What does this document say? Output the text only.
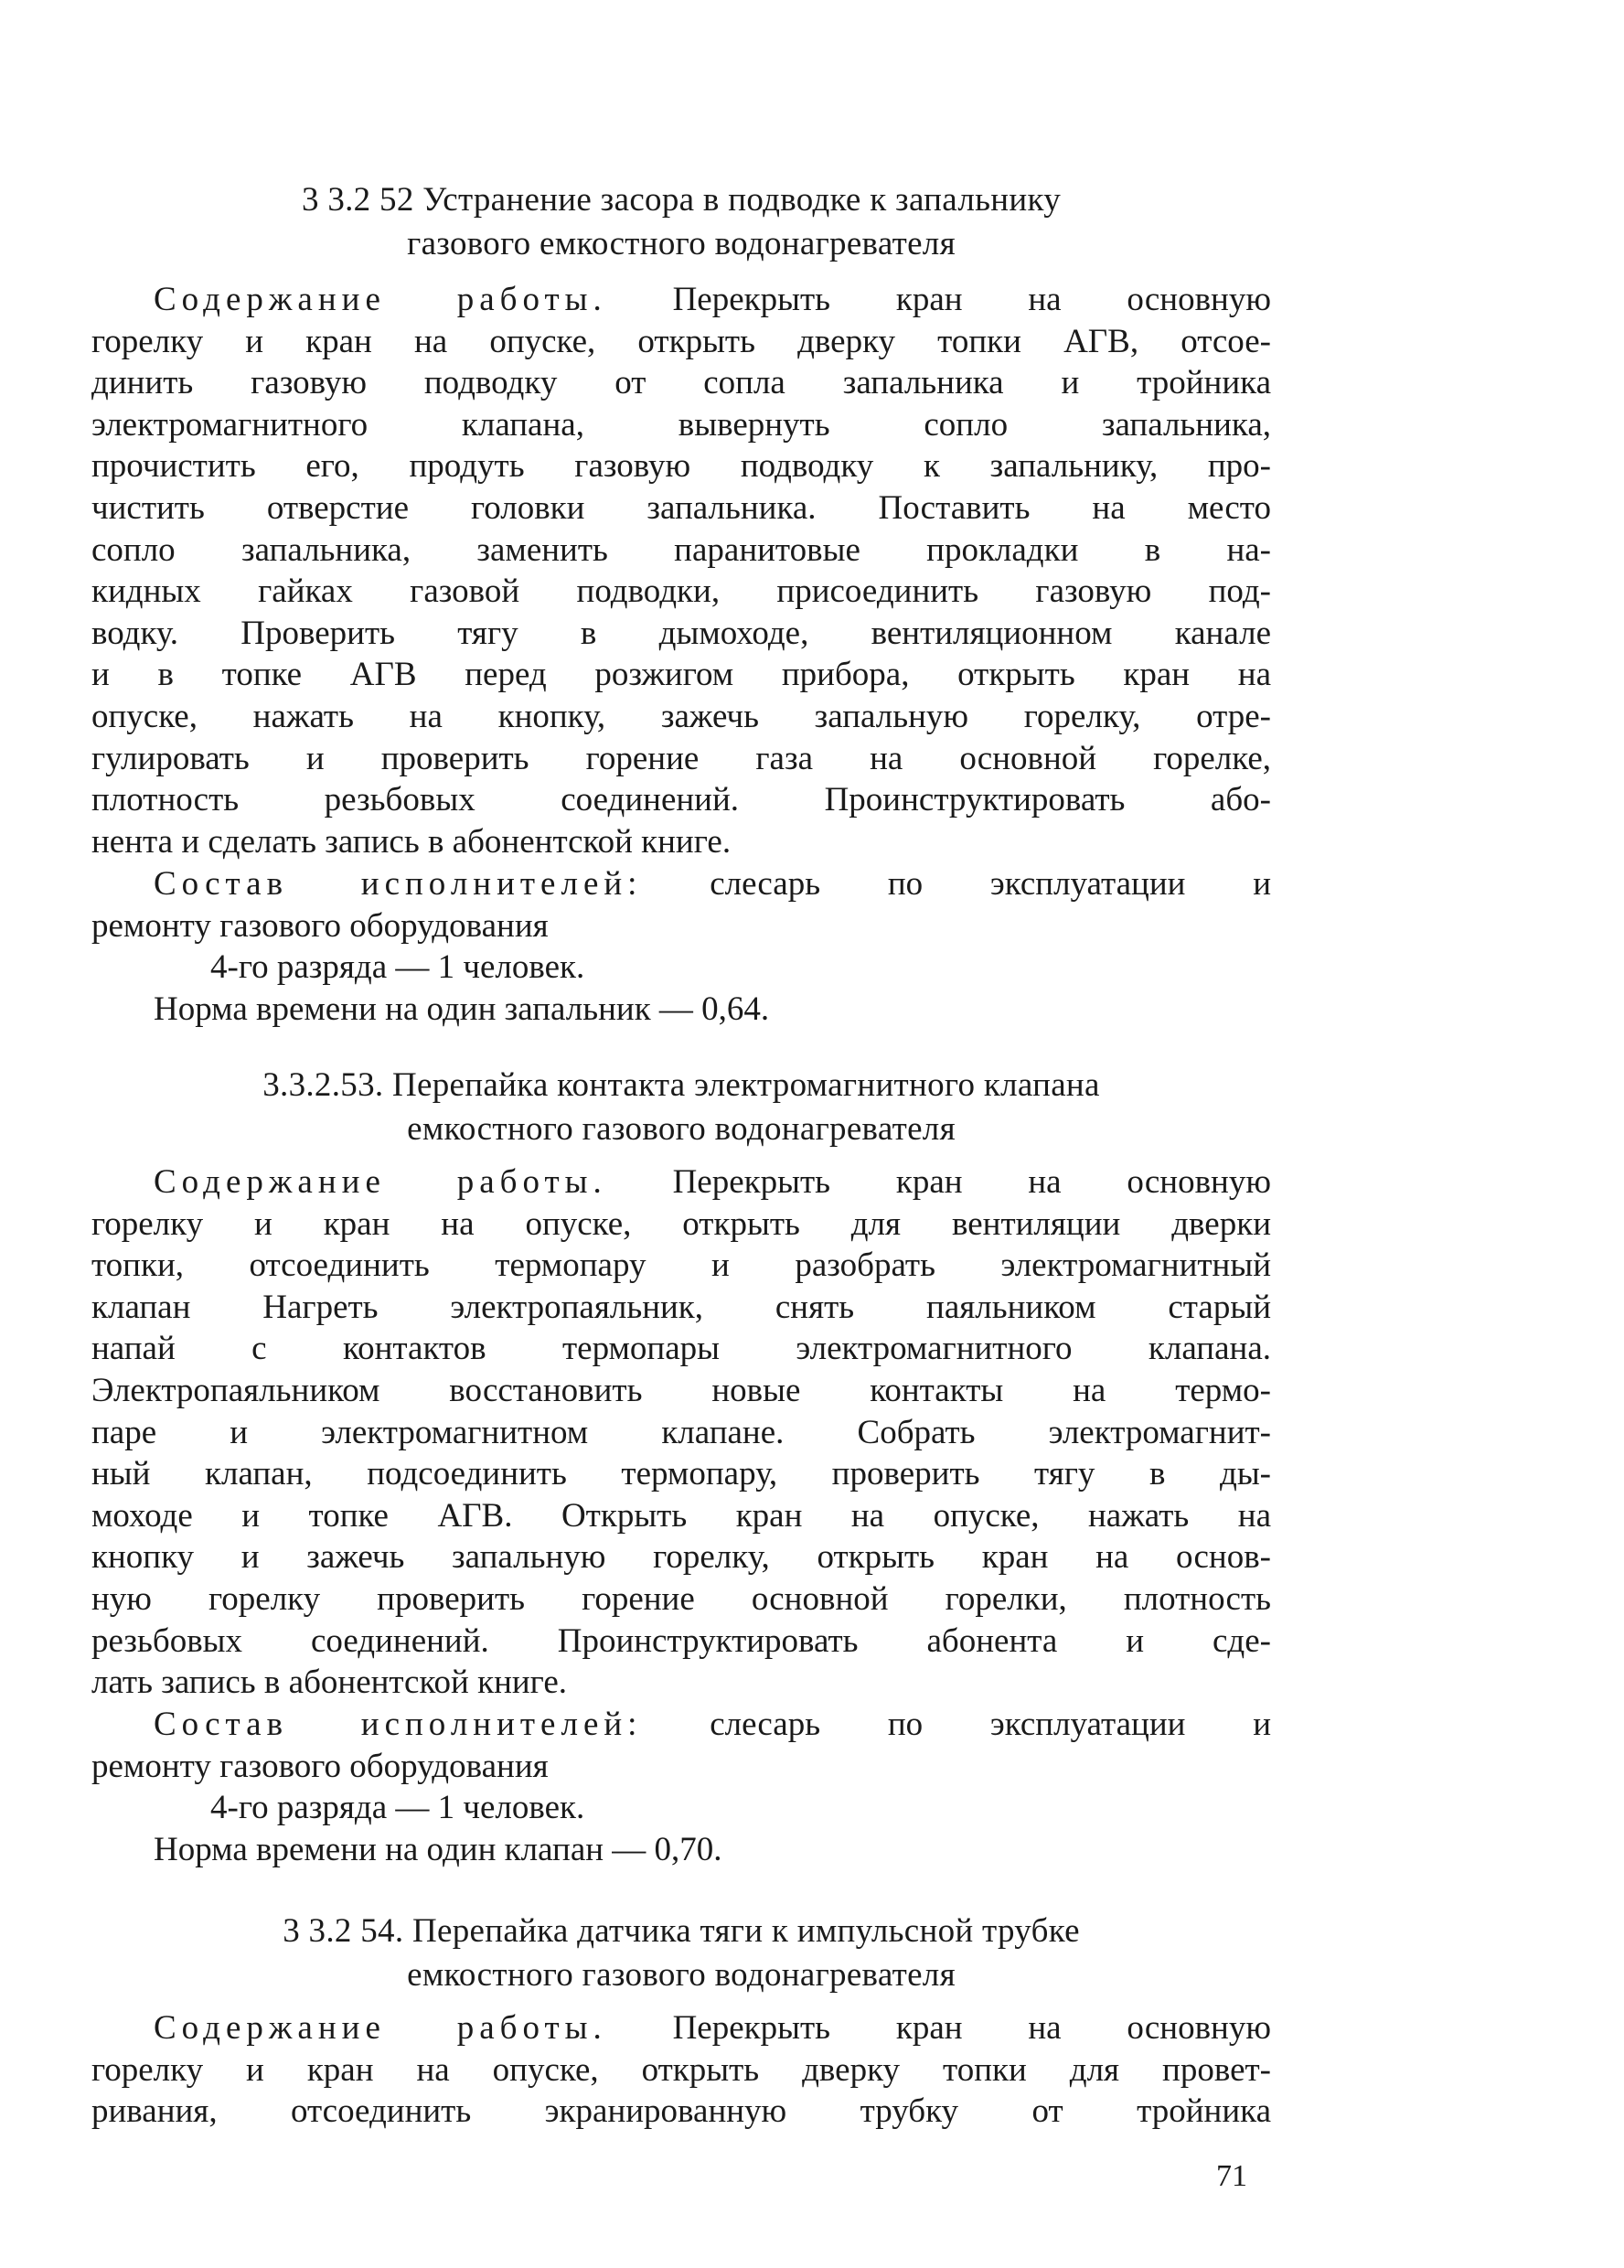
3 3.2 52 Устранение засора в подводке к запальнику
газового емкостного водонагревателя
Содержание работы. Перекрыть кран на основную
горелку и кран на опуске, открыть дверку топки АГВ, отсое-
динить газовую подводку от сопла запальника и тройника
электромагнитного клапана, вывернуть сопло запальника,
прочистить его, продуть газовую подводку к запальнику, про-
чистить отверстие головки запальника. Поставить на место
сопло запальника, заменить паранитовые прокладки в на-
кидных гайках газовой подводки, присоединить газовую под-
водку. Проверить тягу в дымоходе, вентиляционном канале
и в топке АГВ перед розжигом прибора, открыть кран на
опуске, нажать на кнопку, зажечь запальную горелку, отре-
гулировать и проверить горение газа на основной горелке,
плотность резьбовых соединений. Проинструктировать або-
нента и сделать запись в абонентской книге.
Состав исполнителей: слесарь по эксплуатации и
ремонту газового оборудования
4-го разряда — 1 человек.
Норма времени на один запальник — 0,64.
3.3.2.53. Перепайка контакта электромагнитного клапана
емкостного газового водонагревателя
Содержание работы. Перекрыть кран на основную
горелку и кран на опуске, открыть для вентиляции дверки
топки, отсоединить термопару и разобрать электромагнитный
клапан Нагреть электропаяльник, снять паяльником старый
напай с контактов термопары электромагнитного клапана.
Электропаяльником восстановить новые контакты на термо-
паре и электромагнитном клапане. Собрать электромагнит-
ный клапан, подсоединить термопару, проверить тягу в ды-
моходе и топке АГВ. Открыть кран на опуске, нажать на
кнопку и зажечь запальную горелку, открыть кран на основ-
ную горелку проверить горение основной горелки, плотность
резьбовых соединений. Проинструктировать абонента и сде-
лать запись в абонентской книге.
Состав исполнителей: слесарь по эксплуатации и
ремонту газового оборудования
4-го разряда — 1 человек.
Норма времени на один клапан — 0,70.
3 3.2 54. Перепайка датчика тяги к импульсной трубке
емкостного газового водонагревателя
Содержание работы. Перекрыть кран на основную
горелку и кран на опуске, открыть дверку топки для провет-
ривания, отсоединить экранированную трубку от тройника
71
